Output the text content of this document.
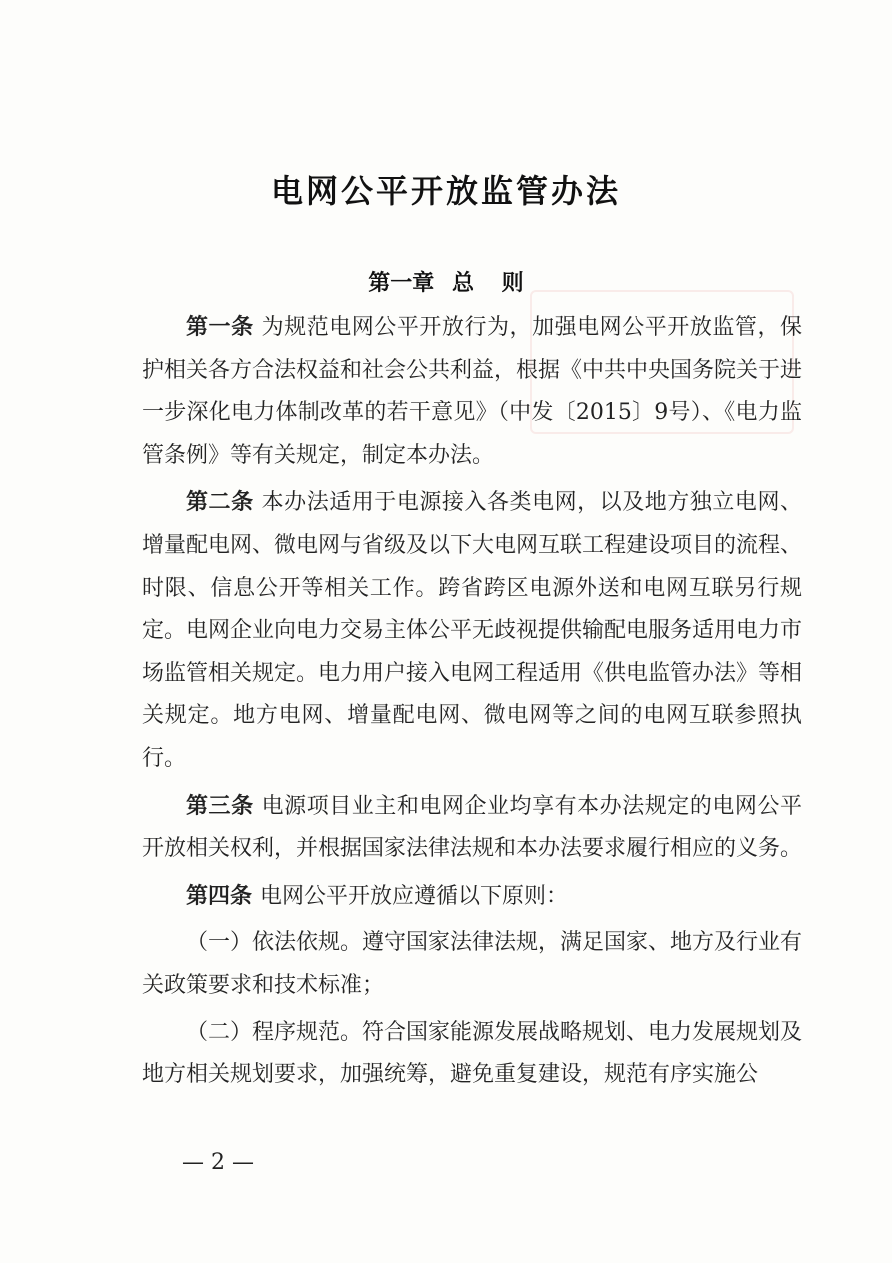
电网公平开放监管办法
第一章 总 则

第一条 为规范电网公平开放行为，加强电网公平开放监管，保护相关各方合法权益和社会公共利益，根据《中共中央国务院关于进一步深化电力体制改革的若干意见》（中发〔2015〕9号）、《电力监管条例》等有关规定，制定本办法。

第二条 本办法适用于电源接入各类电网，以及地方独立电网、增量配电网、微电网与省级及以下大电网互联工程建设项目的流程、时限、信息公开等相关工作。跨省跨区电源外送和电网互联另行规定。电网企业向电力交易主体公平无歧视提供输配电服务适用电力市场监管相关规定。电力用户接入电网工程适用《供电监管办法》等相关规定。地方电网、增量配电网、微电网等之间的电网互联参照执行。

第三条 电源项目业主和电网企业均享有本办法规定的电网公平开放相关权利，并根据国家法律法规和本办法要求履行相应的义务。

第四条 电网公平开放应遵循以下原则：

（一）依法依规。遵守国家法律法规，满足国家、地方及行业有关政策要求和技术标准；

（二）程序规范。符合国家能源发展战略规划、电力发展规划及地方相关规划要求，加强统筹，避免重复建设，规范有序实施公

— 2 —
